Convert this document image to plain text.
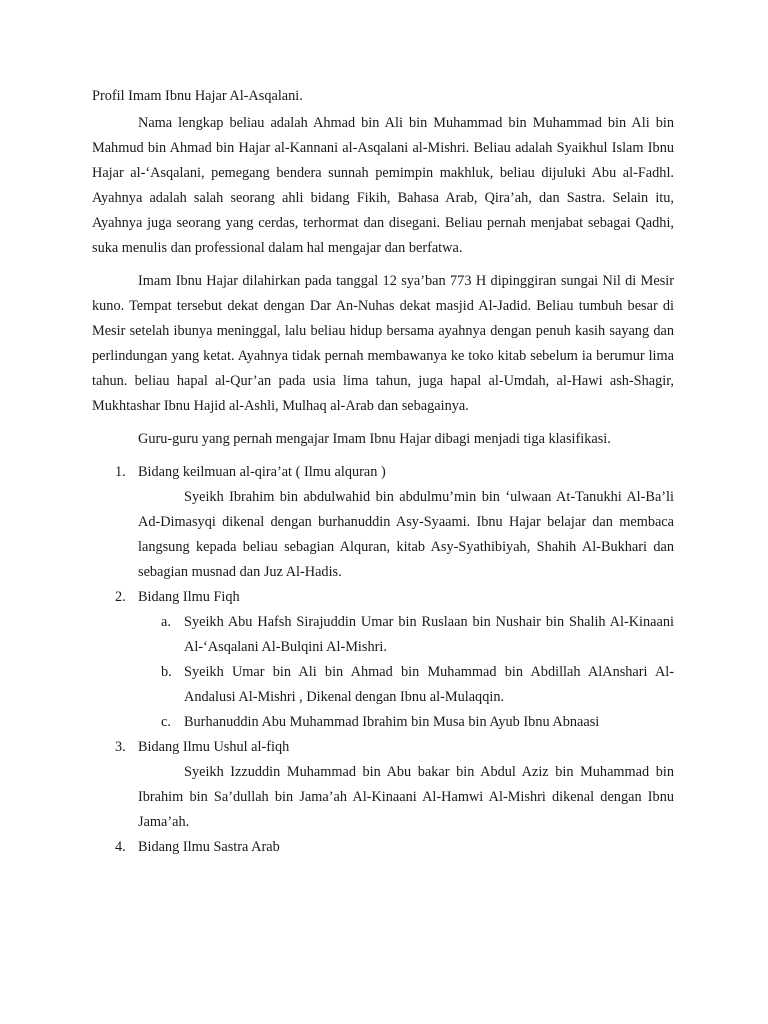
Profil Imam Ibnu Hajar Al-Asqalani.

Nama lengkap beliau adalah Ahmad bin Ali bin Muhammad bin Muhammad bin Ali bin Mahmud bin Ahmad bin Hajar al-Kannani al-Asqalani al-Mishri. Beliau adalah Syaikhul Islam Ibnu Hajar al-‘Asqalani, pemegang bendera sunnah pemimpin makhluk, beliau dijuluki Abu al-Fadhl. Ayahnya adalah salah seorang ahli bidang Fikih, Bahasa Arab, Qira’ah, dan Sastra. Selain itu, Ayahnya juga seorang yang cerdas, terhormat dan disegani. Beliau pernah menjabat sebagai Qadhi, suka menulis dan professional dalam hal mengajar dan berfatwa.

Imam Ibnu Hajar dilahirkan pada tanggal 12 sya’ban 773 H dipinggiran sungai Nil di Mesir kuno. Tempat tersebut dekat dengan Dar An-Nuhas dekat masjid Al-Jadid. Beliau tumbuh besar di Mesir setelah ibunya meninggal, lalu beliau hidup bersama ayahnya dengan penuh kasih sayang dan perlindungan yang ketat. Ayahnya tidak pernah membawanya ke toko kitab sebelum ia berumur lima tahun. beliau hapal al-Qur’an pada usia lima tahun, juga hapal al-Umdah, al-Hawi ash-Shagir, Mukhtashar Ibnu Hajid al-Ashli, Mulhaq al-Arab dan sebagainya.

Guru-guru yang pernah mengajar Imam Ibnu Hajar dibagi menjadi tiga klasifikasi.

1. Bidang keilmuan al-qira’at ( Ilmu alquran )

Syeikh Ibrahim bin abdulwahid bin abdulmu’min bin ‘ulwaan At-Tanukhi Al-Ba’li Ad-Dimasyqi dikenal dengan burhanuddin Asy-Syaami. Ibnu Hajar belajar dan membaca langsung kepada beliau sebagian Alquran, kitab Asy-Syathibiyah, Shahih Al-Bukhari dan sebagian musnad dan Juz Al-Hadis.

2. Bidang Ilmu Fiqh
a. Syeikh Abu Hafsh Sirajuddin Umar bin Ruslaan bin Nushair bin Shalih Al-Kinaani Al-‘Asqalani Al-Bulqini Al-Mishri.
b. Syeikh Umar bin Ali bin Ahmad bin Muhammad bin Abdillah AlAnshari Al-Andalusi Al-Mishri , Dikenal dengan Ibnu al-Mulaqqin.
c. Burhanuddin Abu Muhammad Ibrahim bin Musa bin Ayub Ibnu Abnaasi
3. Bidang Ilmu Ushul al-fiqh

Syeikh Izzuddin Muhammad bin Abu bakar bin Abdul Aziz bin Muhammad bin Ibrahim bin Sa’dullah bin Jama’ah Al-Kinaani Al-Hamwi Al-Mishri dikenal dengan Ibnu Jama’ah.

4. Bidang Ilmu Sastra Arab
